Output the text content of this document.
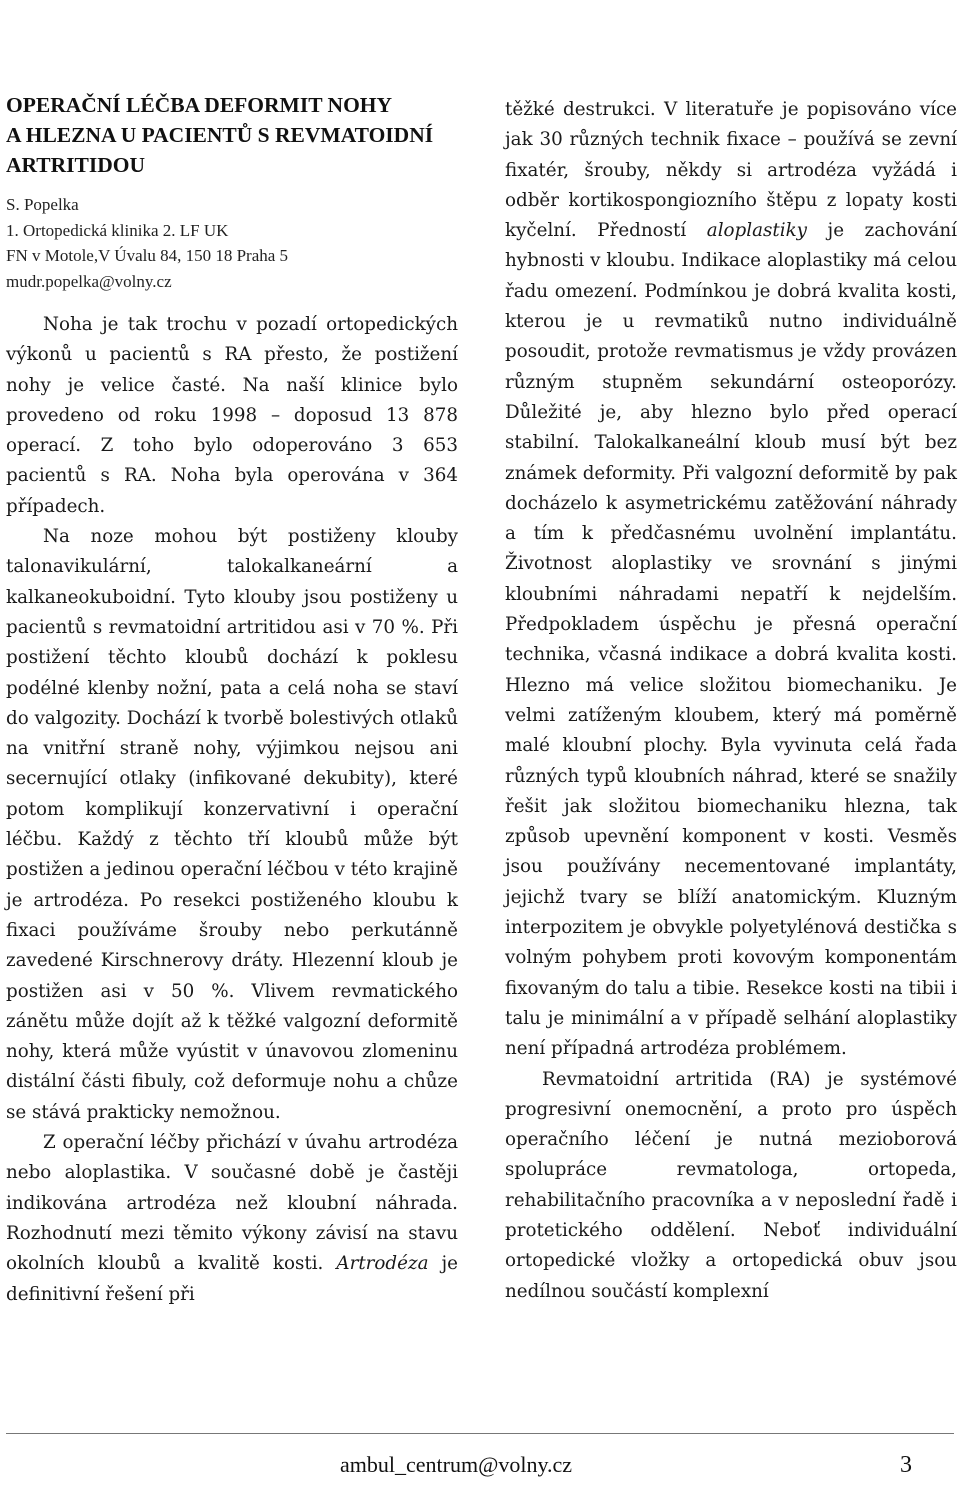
OPERAČNÍ LÉČBA DEFORMIT NOHY
A HLEZNA U PACIENTŮ S REVMATOIDNÍ
ARTRITIDOU
S. Popelka
1. Ortopedická klinika 2. LF UK
FN v Motole,V Úvalu 84, 150 18 Praha 5
mudr.popelka@volny.cz

Noha je tak trochu v pozadí ortopedických výkonů u pacientů s RA přesto, že postižení nohy je velice časté. Na naší klinice bylo provedeno od roku 1998 – doposud 13 878 operací. Z toho bylo odoperováno 3 653 pacientů s RA. Noha byla operována v 364 případech.

Na noze mohou být postiženy klouby talonavikulární, talokalkaneární a kalkaneokuboidní. Tyto klouby jsou postiženy u pacientů s revmatoidní artritidou asi v 70 %. Při postižení těchto kloubů dochází k poklesu podélné klenby nožní, pata a celá noha se staví do valgozity. Dochází k tvorbě bolestivých otlaků na vnitřní straně nohy, výjimkou nejsou ani secernující otlaky (infikované dekubity), které potom komplikují konzervativní i operační léčbu. Každý z těchto tří kloubů může být postižen a jedinou operační léčbou v této krajině je artrodéza. Po resekci postiženého kloubu k fixaci používáme šrouby nebo perkutánně zavedené Kirschnerovy dráty. Hlezenní kloub je postižen asi v 50 %. Vlivem revmatického zánětu může dojít až k těžké valgozní deformitě nohy, která může vyústit v únavovou zlomeninu distální části fibuly, což deformuje nohu a chůze se stává prakticky nemožnou.

Z operační léčby přichází v úvahu artrodéza nebo aloplastika. V současné době je častěji indikována artrodéza než kloubní náhrada. Rozhodnutí mezi těmito výkony závisí na stavu okolních kloubů a kvalitě kosti. Artrodéza je definitivní řešení při

těžké destrukci. V literatuře je popisováno více jak 30 různých technik fixace – používá se zevní fixatér, šrouby, někdy si artrodéza vyžádá i odběr kortikospongiozního štěpu z lopaty kosti kyčelní. Předností aloplastiky je zachování hybnosti v kloubu. Indikace aloplastiky má celou řadu omezení. Podmínkou je dobrá kvalita kosti, kterou je u revmatiků nutno individuálně posoudit, protože revmatismus je vždy provázen různým stupněm sekundární osteoporózy. Důležité je, aby hlezno bylo před operací stabilní. Talokalkaneální kloub musí být bez známek deformity. Při valgozní deformitě by pak docházelo k asymetrickému zatěžování náhrady a tím k předčasnému uvolnění implantátu. Životnost aloplastiky ve srovnání s jinými kloubními náhradami nepatří k nejdelším. Předpokladem úspěchu je přesná operační technika, včasná indikace a dobrá kvalita kosti. Hlezno má velice složitou biomechaniku. Je velmi zatíženým kloubem, který má poměrně malé kloubní plochy. Byla vyvinuta celá řada různých typů kloubních náhrad, které se snažily řešit jak složitou biomechaniku hlezna, tak způsob upevnění komponent v kosti. Vesměs jsou používány necementované implantáty, jejichž tvary se blíží anatomickým. Kluzným interpozitem je obvykle polyetylénová destička s volným pohybem proti kovovým komponentám fixovaným do talu a tibie. Resekce kosti na tibii i talu je minimální a v případě selhání aloplastiky není případná artrodéza problémem.

Revmatoidní artritida (RA) je systémové progresivní onemocnění, a proto pro úspěch operačního léčení je nutná mezioborová spolupráce revmatologa, ortopeda, rehabilitačního pracovníka a v neposlední řadě i protetického oddělení. Neboť individuální ortopedické vložky a ortopedická obuv jsou nedílnou součástí komplexní

ambul_centrum@volny.cz	3
